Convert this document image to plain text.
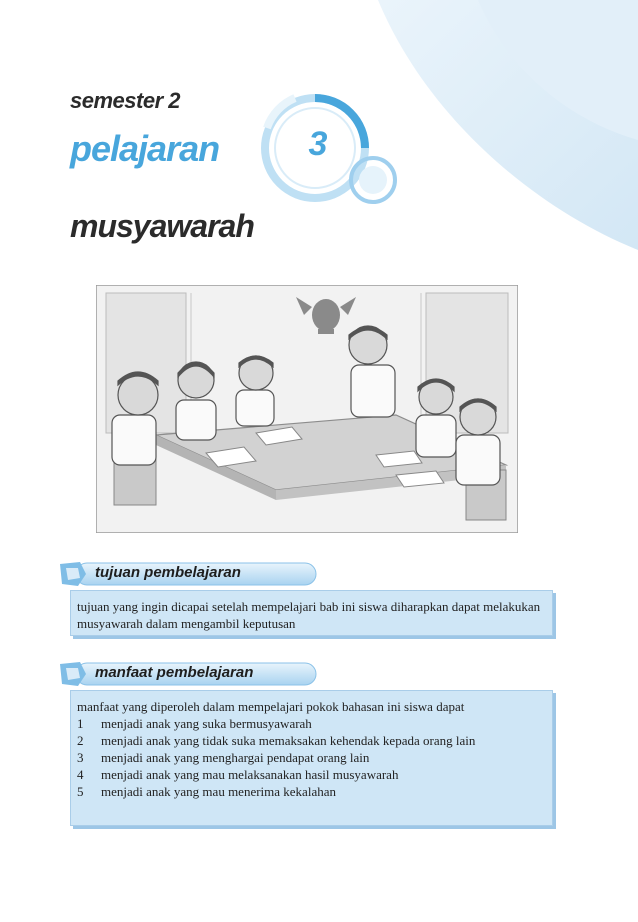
semester 2
pelajaran	3
musyawarah
tujuan pembelajaran
tujuan yang ingin dicapai setelah mempelajari bab ini siswa diharapkan dapat melakukan musyawarah dalam mengambil keputusan
manfaat pembelajaran
manfaat yang diperoleh dalam mempelajari pokok bahasan ini siswa dapat
1	menjadi anak yang suka bermusyawarah
2	menjadi anak yang tidak suka memaksakan kehendak kepada orang lain
3	menjadi anak yang menghargai pendapat orang lain
4	menjadi anak yang mau melaksanakan hasil musyawarah
5	menjadi anak yang mau menerima kekalahan
